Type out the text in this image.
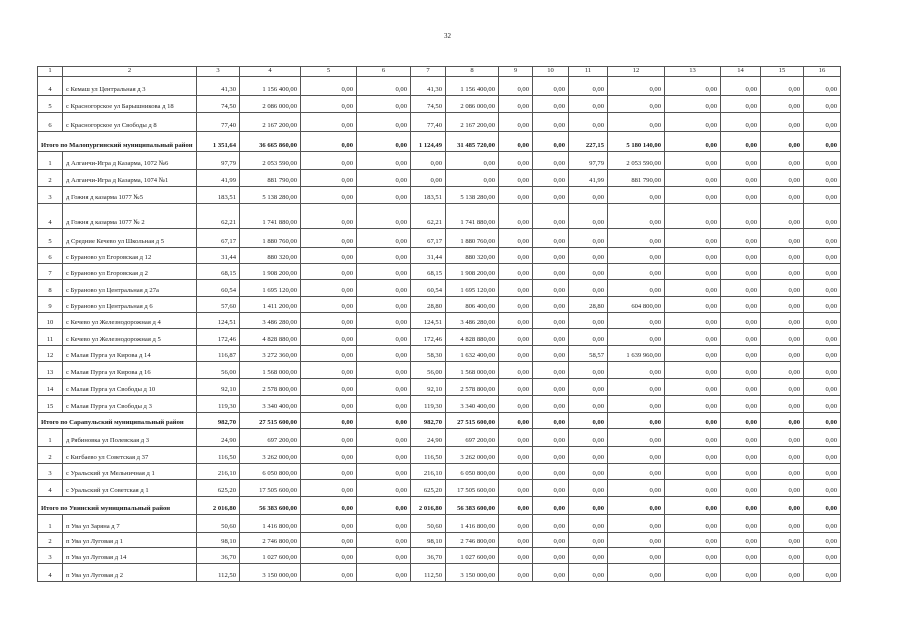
32
1	2	3	4	5	6	7	8	9	10	11	12	13	14	15	16
4	с Кемаш ул Центральная д 3	41,30	1 156 400,00	0,00	0,00	41,30	1 156 400,00	0,00	0,00	0,00	0,00	0,00	0,00	0,00	0,00
5	с Красногорское ул Барышникова д 18	74,50	2 086 000,00	0,00	0,00	74,50	2 086 000,00	0,00	0,00	0,00	0,00	0,00	0,00	0,00	0,00
6	с Красногорское ул Свободы д 8	77,40	2 167 200,00	0,00	0,00	77,40	2 167 200,00	0,00	0,00	0,00	0,00	0,00	0,00	0,00	0,00
Итого по Малопургинский муниципальный район		1 351,64	36 665 860,00	0,00	0,00	1 124,49	31 485 720,00	0,00	0,00	227,15	5 180 140,00	0,00	0,00	0,00	0,00
1	д Алганчи-Игра д Казарма, 1072 №6	97,79	2 053 590,00	0,00	0,00	0,00	0,00	0,00	0,00	97,79	2 053 590,00	0,00	0,00	0,00	0,00
2	д Алганчи-Игра д Казарма, 1074 №1	41,99	881 790,00	0,00	0,00	0,00	0,00	0,00	0,00	41,99	881 790,00	0,00	0,00	0,00	0,00
3	д Гожня д казарма 1077 №5	183,51	5 138 280,00	0,00	0,00	183,51	5 138 280,00	0,00	0,00	0,00	0,00	0,00	0,00	0,00	0,00
4	д Гожня д казарма 1077 № 2	62,21	1 741 880,00	0,00	0,00	62,21	1 741 880,00	0,00	0,00	0,00	0,00	0,00	0,00	0,00	0,00
5	д Средние Кечево ул Школьная д 5	67,17	1 880 760,00	0,00	0,00	67,17	1 880 760,00	0,00	0,00	0,00	0,00	0,00	0,00	0,00	0,00
6	с Бураново ул Егоровская д 12	31,44	880 320,00	0,00	0,00	31,44	880 320,00	0,00	0,00	0,00	0,00	0,00	0,00	0,00	0,00
7	с Бураново ул Егоровская д 2	68,15	1 908 200,00	0,00	0,00	68,15	1 908 200,00	0,00	0,00	0,00	0,00	0,00	0,00	0,00	0,00
8	с Бураново ул Центральная д 27а	60,54	1 695 120,00	0,00	0,00	60,54	1 695 120,00	0,00	0,00	0,00	0,00	0,00	0,00	0,00	0,00
9	с Бураново ул Центральная д 6	57,60	1 411 200,00	0,00	0,00	28,80	806 400,00	0,00	0,00	28,80	604 800,00	0,00	0,00	0,00	0,00
10	с Кечево ул Железнодорожная д 4	124,51	3 486 280,00	0,00	0,00	124,51	3 486 280,00	0,00	0,00	0,00	0,00	0,00	0,00	0,00	0,00
11	с Кечево ул Железнодорожная д 5	172,46	4 828 880,00	0,00	0,00	172,46	4 828 880,00	0,00	0,00	0,00	0,00	0,00	0,00	0,00	0,00
12	с Малая Пурга ул Кирова д 14	116,87	3 272 360,00	0,00	0,00	58,30	1 632 400,00	0,00	0,00	58,57	1 639 960,00	0,00	0,00	0,00	0,00
13	с Малая Пурга ул Кирова д 16	56,00	1 568 000,00	0,00	0,00	56,00	1 568 000,00	0,00	0,00	0,00	0,00	0,00	0,00	0,00	0,00
14	с Малая Пурга ул Свободы д 10	92,10	2 578 800,00	0,00	0,00	92,10	2 578 800,00	0,00	0,00	0,00	0,00	0,00	0,00	0,00	0,00
15	с Малая Пурга ул Свободы д 3	119,30	3 340 400,00	0,00	0,00	119,30	3 340 400,00	0,00	0,00	0,00	0,00	0,00	0,00	0,00	0,00
Итого по Сарапульский муниципальный район		982,70	27 515 600,00	0,00	0,00	982,70	27 515 600,00	0,00	0,00	0,00	0,00	0,00	0,00	0,00	0,00
1	д Рябиновка ул Полевская д 3	24,90	697 200,00	0,00	0,00	24,90	697 200,00	0,00	0,00	0,00	0,00	0,00	0,00	0,00	0,00
2	с Кигбаево ул Советская д 37	116,50	3 262 000,00	0,00	0,00	116,50	3 262 000,00	0,00	0,00	0,00	0,00	0,00	0,00	0,00	0,00
3	с Уральский ул Мельничная д 1	216,10	6 050 800,00	0,00	0,00	216,10	6 050 800,00	0,00	0,00	0,00	0,00	0,00	0,00	0,00	0,00
4	с Уральский ул Советская д 1	625,20	17 505 600,00	0,00	0,00	625,20	17 505 600,00	0,00	0,00	0,00	0,00	0,00	0,00	0,00	0,00
Итого по Увинский муниципальный район		2 016,80	56 383 600,00	0,00	0,00	2 016,80	56 383 600,00	0,00	0,00	0,00	0,00	0,00	0,00	0,00	0,00
1	п Ува ул Заряна д 7	50,60	1 416 800,00	0,00	0,00	50,60	1 416 800,00	0,00	0,00	0,00	0,00	0,00	0,00	0,00	0,00
2	п Ува ул Луговая д 1	98,10	2 746 800,00	0,00	0,00	98,10	2 746 800,00	0,00	0,00	0,00	0,00	0,00	0,00	0,00	0,00
3	п Ува ул Луговая д 14	36,70	1 027 600,00	0,00	0,00	36,70	1 027 600,00	0,00	0,00	0,00	0,00	0,00	0,00	0,00	0,00
4	п Ува ул Луговая д 2	112,50	3 150 000,00	0,00	0,00	112,50	3 150 000,00	0,00	0,00	0,00	0,00	0,00	0,00	0,00	0,00
